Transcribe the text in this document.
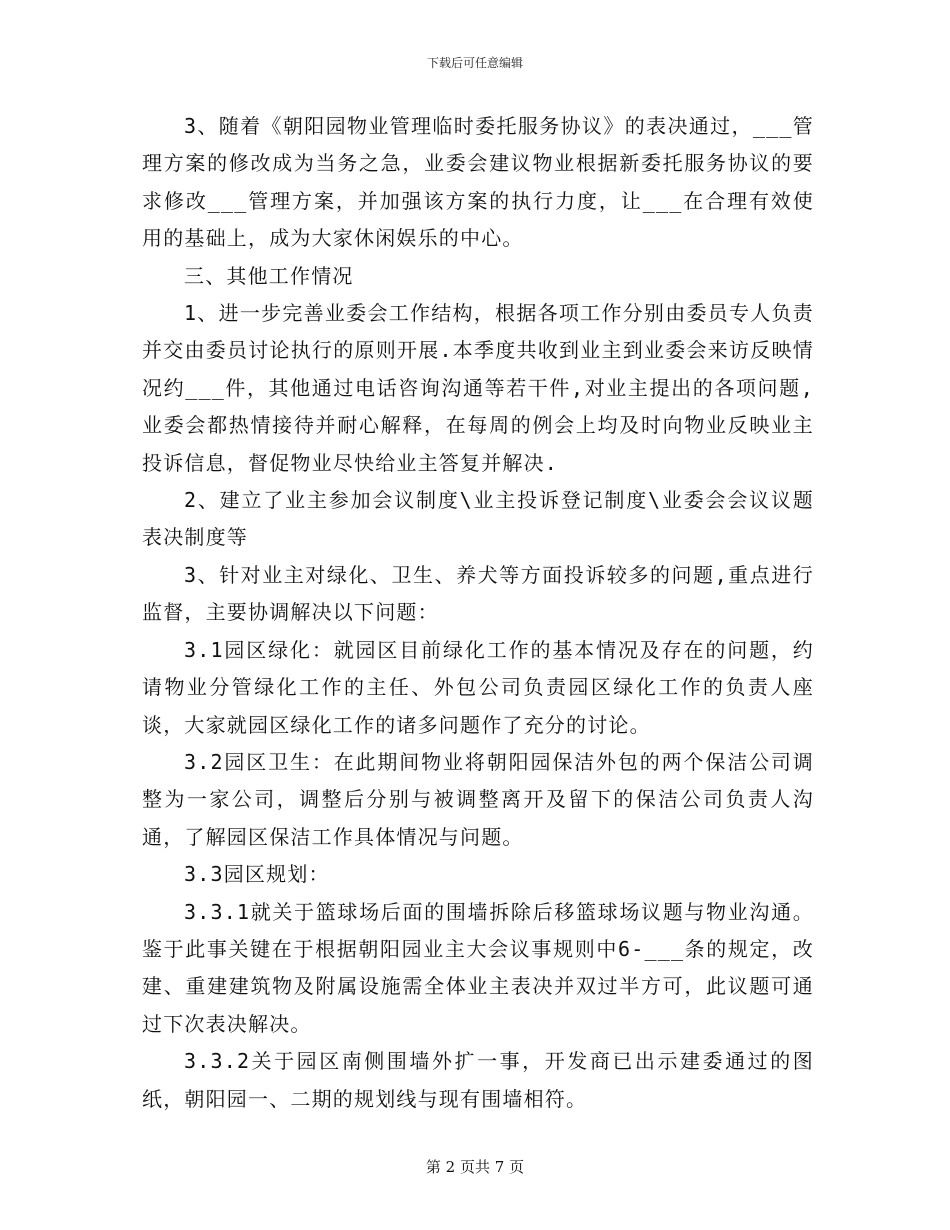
下载后可任意编辑

3、随着《朝阳园物业管理临时委托服务协议》的表决通过，___管理方案的修改成为当务之急，业委会建议物业根据新委托服务协议的要求修改___管理方案，并加强该方案的执行力度，让___在合理有效使用的基础上，成为大家休闲娱乐的中心。

三、其他工作情况

1、进一步完善业委会工作结构，根据各项工作分别由委员专人负责并交由委员讨论执行的原则开展.本季度共收到业主到业委会来访反映情况约___件，其他通过电话咨询沟通等若干件,对业主提出的各项问题,业委会都热情接待并耐心解释，在每周的例会上均及时向物业反映业主投诉信息，督促物业尽快给业主答复并解决.

2、建立了业主参加会议制度\业主投诉登记制度\业委会会议议题表决制度等

3、针对业主对绿化、卫生、养犬等方面投诉较多的问题,重点进行监督，主要协调解决以下问题：

3.1园区绿化：就园区目前绿化工作的基本情况及存在的问题，约请物业分管绿化工作的主任、外包公司负责园区绿化工作的负责人座谈，大家就园区绿化工作的诸多问题作了充分的讨论。

3.2园区卫生：在此期间物业将朝阳园保洁外包的两个保洁公司调整为一家公司，调整后分别与被调整离开及留下的保洁公司负责人沟通，了解园区保洁工作具体情况与问题。

3.3园区规划：

3.3.1就关于篮球场后面的围墙拆除后移篮球场议题与物业沟通。鉴于此事关键在于根据朝阳园业主大会议事规则中6-___条的规定，改建、重建建筑物及附属设施需全体业主表决并双过半方可，此议题可通过下次表决解决。

3.3.2关于园区南侧围墙外扩一事，开发商已出示建委通过的图纸，朝阳园一、二期的规划线与现有围墙相符。

第 2 页共 7 页
